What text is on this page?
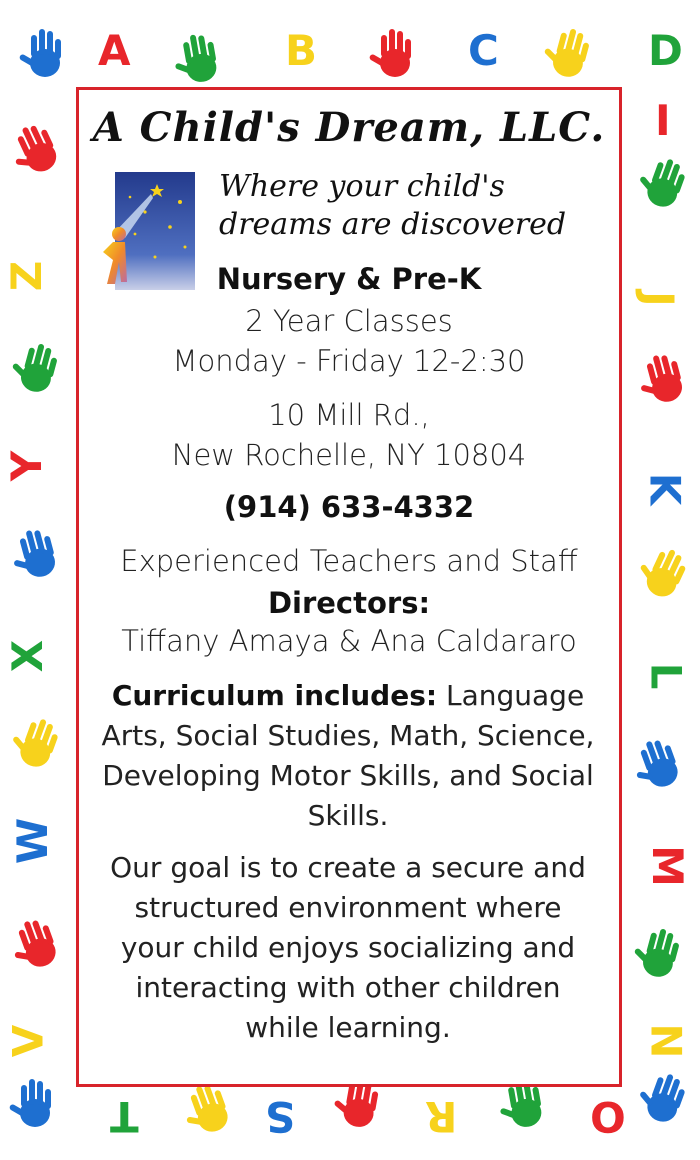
A	B	C	D
I
J
K
L
M
N
O
R
S
T
Z
Y
X
W
V
A Child's Dream, LLC.
Where your child's
dreams are discovered
Nursery & Pre-K
2 Year Classes
Monday - Friday 12-2:30
10 Mill Rd.,
New Rochelle, NY 10804
(914) 633-4332
Experienced Teachers and Staff
Directors:
Tiffany Amaya & Ana Caldararo
Curriculum includes: Language
Arts, Social Studies, Math, Science,
Developing Motor Skills, and Social
Skills.
Our goal is to create a secure and
structured environment where
your child enjoys socializing and
interacting with other children
while learning.
